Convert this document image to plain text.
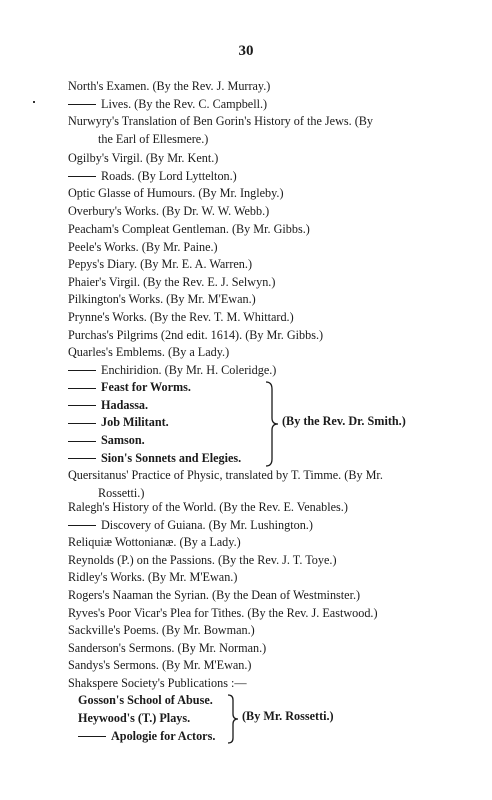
30
North's Examen. (By the Rev. J. Murray.)
Lives. (By the Rev. C. Campbell.)
Nurwyry's Translation of Ben Gorin's History of the Jews. (By
the Earl of Ellesmere.)
Ogilby's Virgil. (By Mr. Kent.)
Roads. (By Lord Lyttelton.)
Optic Glasse of Humours. (By Mr. Ingleby.)
Overbury's Works. (By Dr. W. W. Webb.)
Peacham's Compleat Gentleman. (By Mr. Gibbs.)
Peele's Works. (By Mr. Paine.)
Pepys's Diary. (By Mr. E. A. Warren.)
Phaier's Virgil. (By the Rev. E. J. Selwyn.)
Pilkington's Works. (By Mr. M'Ewan.)
Prynne's Works. (By the Rev. T. M. Whittard.)
Purchas's Pilgrims (2nd edit. 1614). (By Mr. Gibbs.)
Quarles's Emblems. (By a Lady.)
Enchiridion. (By Mr. H. Coleridge.)
Feast for Worms.
Hadassa.
Job Militant.
Samson.
Sion's Sonnets and Elegies.
(By the Rev. Dr. Smith.)
Quersitanus' Practice of Physic, translated by T. Timme. (By Mr.
Rossetti.)
Ralegh's History of the World. (By the Rev. E. Venables.)
Discovery of Guiana. (By Mr. Lushington.)
Reliquiæ Wottonianæ. (By a Lady.)
Reynolds (P.) on the Passions. (By the Rev. J. T. Toye.)
Ridley's Works. (By Mr. M'Ewan.)
Rogers's Naaman the Syrian. (By the Dean of Westminster.)
Ryves's Poor Vicar's Plea for Tithes. (By the Rev. J. Eastwood.)
Sackville's Poems. (By Mr. Bowman.)
Sanderson's Sermons. (By Mr. Norman.)
Sandys's Sermons. (By Mr. M'Ewan.)
Shakspere Society's Publications :—
Gosson's School of Abuse.
Heywood's (T.) Plays.
Apologie for Actors.
(By Mr. Rossetti.)
